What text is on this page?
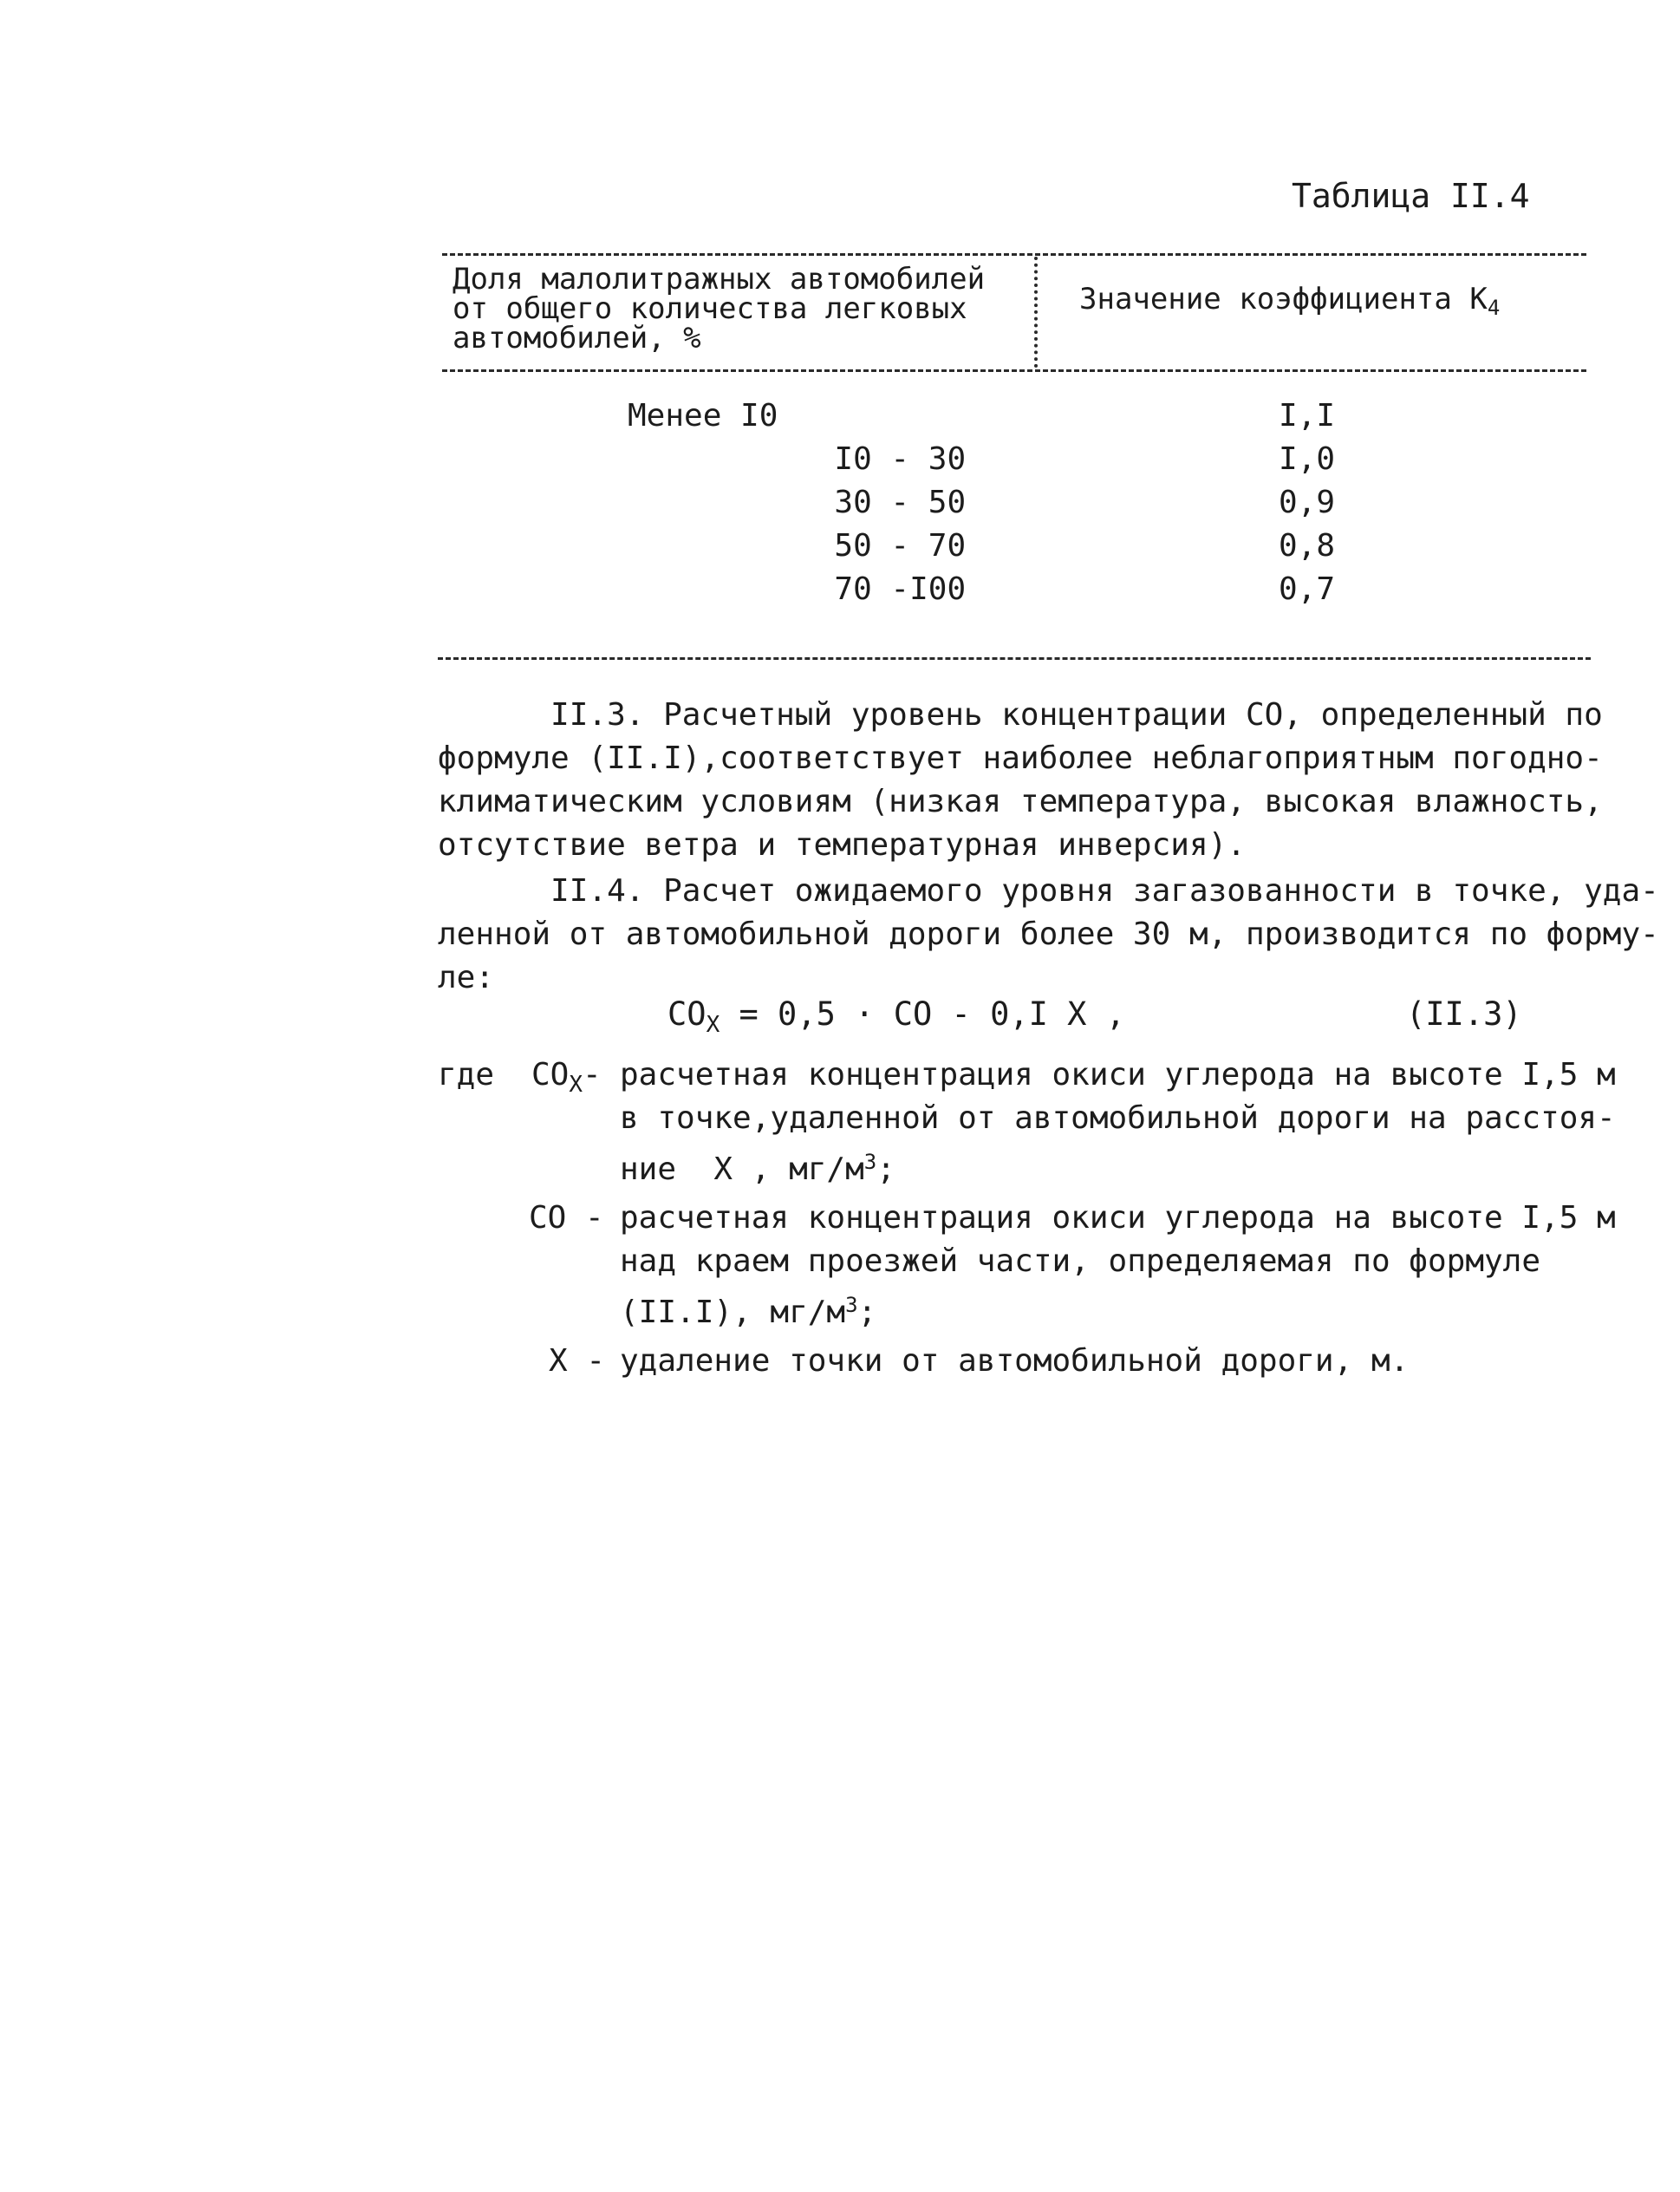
Таблица II.4
Доля малолитражных автомобилей
от общего количества легковых
автомобилей, %
Значение коэффициента $К_4$
Менее I0
I0 - 30
30 - 50
50 - 70
70 -I00
I,I
I,0
0,9
0,8
0,7
II.3. Расчетный уровень концентрации СО, определенный по
формуле (II.I),соответствует наиболее неблагоприятным погодно-
климатическим условиям (низкая температура, высокая влажность,
отсутствие ветра и температурная инверсия).
II.4. Расчет ожидаемого уровня загазованности в точке, уда-
ленной от автомобильной дороги более 30 м, производится по форму-
ле:
$CO_X = 0,5$ · CO - 0,I X ,	(II.3)
где $CO_X-$ расчетная концентрация окиси углерода на высоте I,5 м
в точке,удаленной от автомобильной дороги на расстоя-
ние  X , $мг/м^3$;
CO - расчетная концентрация окиси углерода на высоте I,5 м
над краем проезжей части, определяемая по формуле
(II.I), $мг/м^3$;
X - удаление точки от автомобильной дороги, м.
